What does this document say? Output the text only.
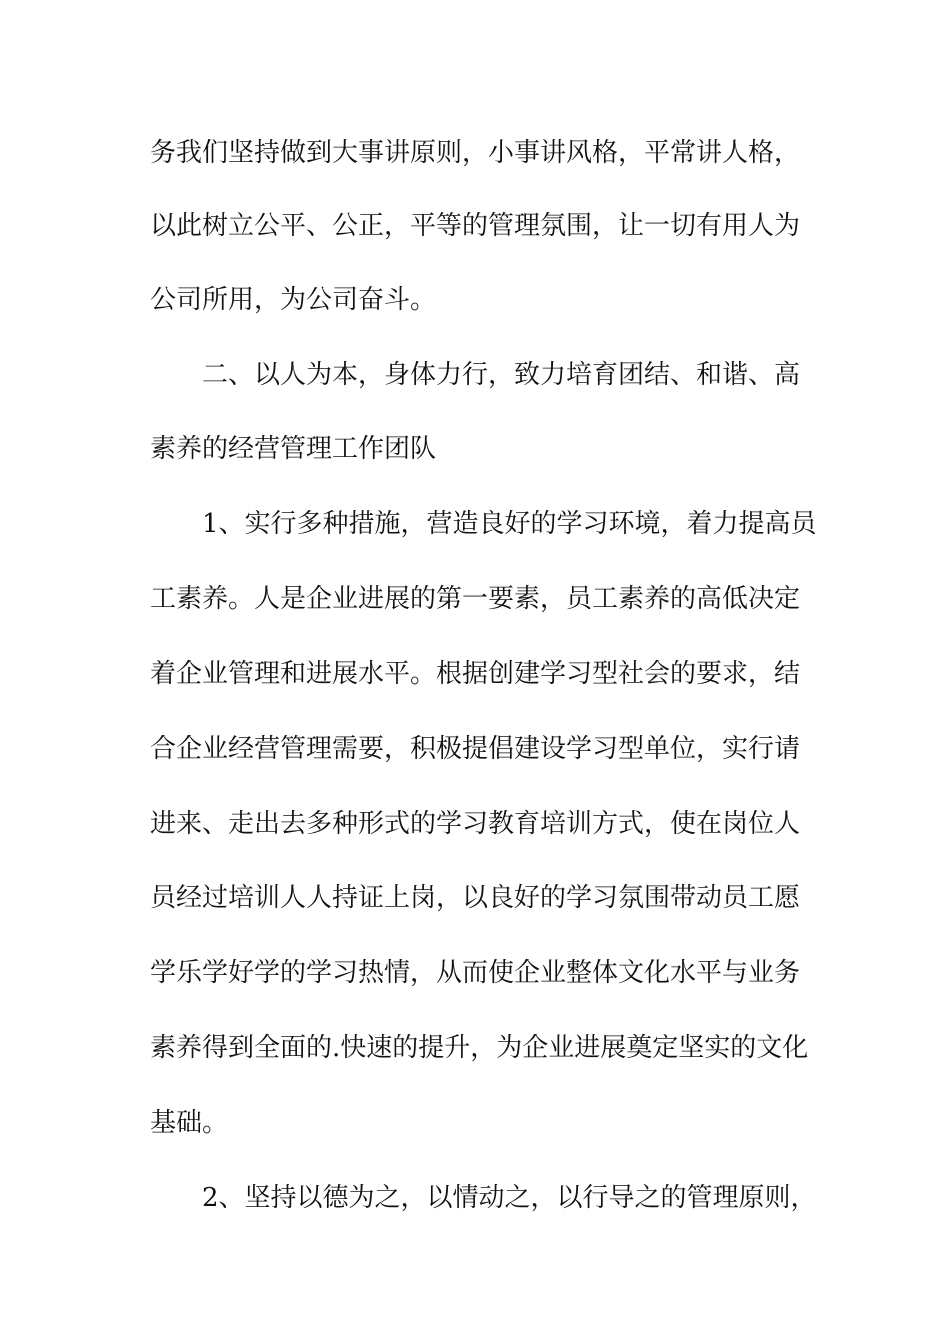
务我们坚持做到大事讲原则，小事讲风格，平常讲人格，

以此树立公平、公正，平等的管理氛围，让一切有用人为

公司所用，为公司奋斗。

二、以人为本，身体力行，致力培育团结、和谐、高

素养的经营管理工作团队

1、实行多种措施，营造良好的学习环境，着力提高员

工素养。人是企业进展的第一要素，员工素养的高低决定

着企业管理和进展水平。根据创建学习型社会的要求，结

合企业经营管理需要，积极提倡建设学习型单位，实行请

进来、走出去多种形式的学习教育培训方式，使在岗位人

员经过培训人人持证上岗，以良好的学习氛围带动员工愿

学乐学好学的学习热情，从而使企业整体文化水平与业务

素养得到全面的.快速的提升，为企业进展奠定坚实的文化

基础。

2、坚持以德为之，以情动之，以行导之的管理原则，
